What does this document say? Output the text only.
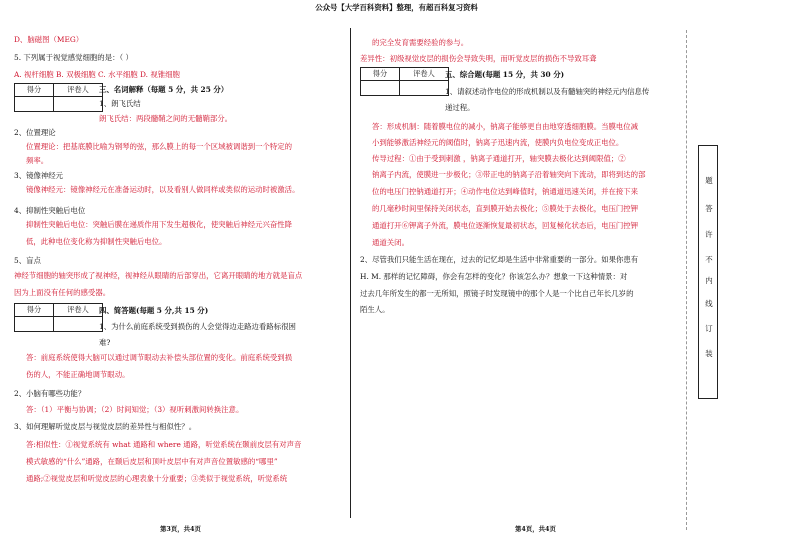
公众号【大学百科资料】整理，有超百科复习资料
D、脑磁图（MEG）
5. 下列属于视觉感觉细胞的是：（ ）
A. 视杆细胞 B. 双极细胞 C. 水平细胞 D. 视锥细胞
得分	评卷人
	三、名词解释（每题 5 分，共 25 分）
1、朗飞氏结
朗飞氏结：两段髓鞘之间的无髓鞘部分。
2、位置理论
位置理论：把基底膜比喻为钢琴的弦，那么膜上的每一个区域被调谐到一个特定的
频率。
3、镜像神经元
镜像神经元：镜像神经元在准备运动时，以及看别人做同样或类似的运动时被激活。
4、抑制性突触后电位
抑制性突触后电位：突触后膜在递质作用下发生超极化，使突触后神经元兴奋性降
低，此种电位变化称为抑制性突触后电位。
5、盲点
神经节细胞的轴突形成了视神经，视神经从眼睛的后部穿出，它离开眼睛的地方就是盲点
因为上面没有任何的感受器。
得分	评卷人
	四、简答题(每题 5 分,共 15 分)
1、为什么前庭系统受到损伤的人会觉得边走路边看路标很困
难?
答：前庭系统使得大脑可以通过调节眼动去补偿头部位置的变化。前庭系统受到损
伤的人，不能正确地调节眼动。
2、小脑有哪些功能？
答：（1）平衡与协调；（2）时间知觉；（3）视听刺激间转换注意。
3、如何理解听觉皮层与视觉皮层的差异性与相似性？。
答:相似性：①视觉系统有 what 通路和 where 通路，听觉系统在颞前皮层有对声音
模式敏感的“什么”通路，在颞后皮层和顶叶皮层中有对声音位置敏感的“哪里”
通路;②视觉皮层和听觉皮层的心理表象十分重要；③类似于视觉系统，听觉系统
第3页，共4页
的完全发育需要经验的参与。
差异性：初级视觉皮层的损伤会导致失明，而听觉皮层的损伤不导致耳聋
得分	评卷人
	五、综合题(每题 15 分，共 30 分)
1、请叙述动作电位的形成机制以及有髓轴突的神经元内信息传
递过程。
答：形成机制：随着膜电位的减小，钠离子能够更自由地穿透细胞膜。当膜电位减
小到能够激活神经元的阈值时，钠离子迅速内流，使膜内负电位变成正电位。
传导过程：①由于受到刺激 ，钠离子通道打开，轴突膜去极化达到阈限值；②
钠离子内流，使膜进一步极化；③带正电的钠离子沿着轴突向下流动，即将到达的部
位的电压门控钠通道打开；④动作电位达到峰值时，钠通道迅速关闭，并在接下来
的几毫秒时间里保持关闭状态，直到膜开始去极化；⑤膜处于去极化，电压门控钾
通道打开⑥钾离子外流，膜电位逐渐恢复最初状态，回复極化状态后，电压门控钾
通道关闭。
2、尽管我们只能生活在现在，过去的记忆却是生活中非常重要的一部分。如果你患有
H. M. 那样的记忆障碍，你会有怎样的变化？你该怎么办？想象一下这种情景：对
过去几年所发生的都一无所知，照镜子时发现镜中的那个人是一个比自己年长几岁的
陌生人。
第4页，共4页
题
答
许
不
内
线
订
装
